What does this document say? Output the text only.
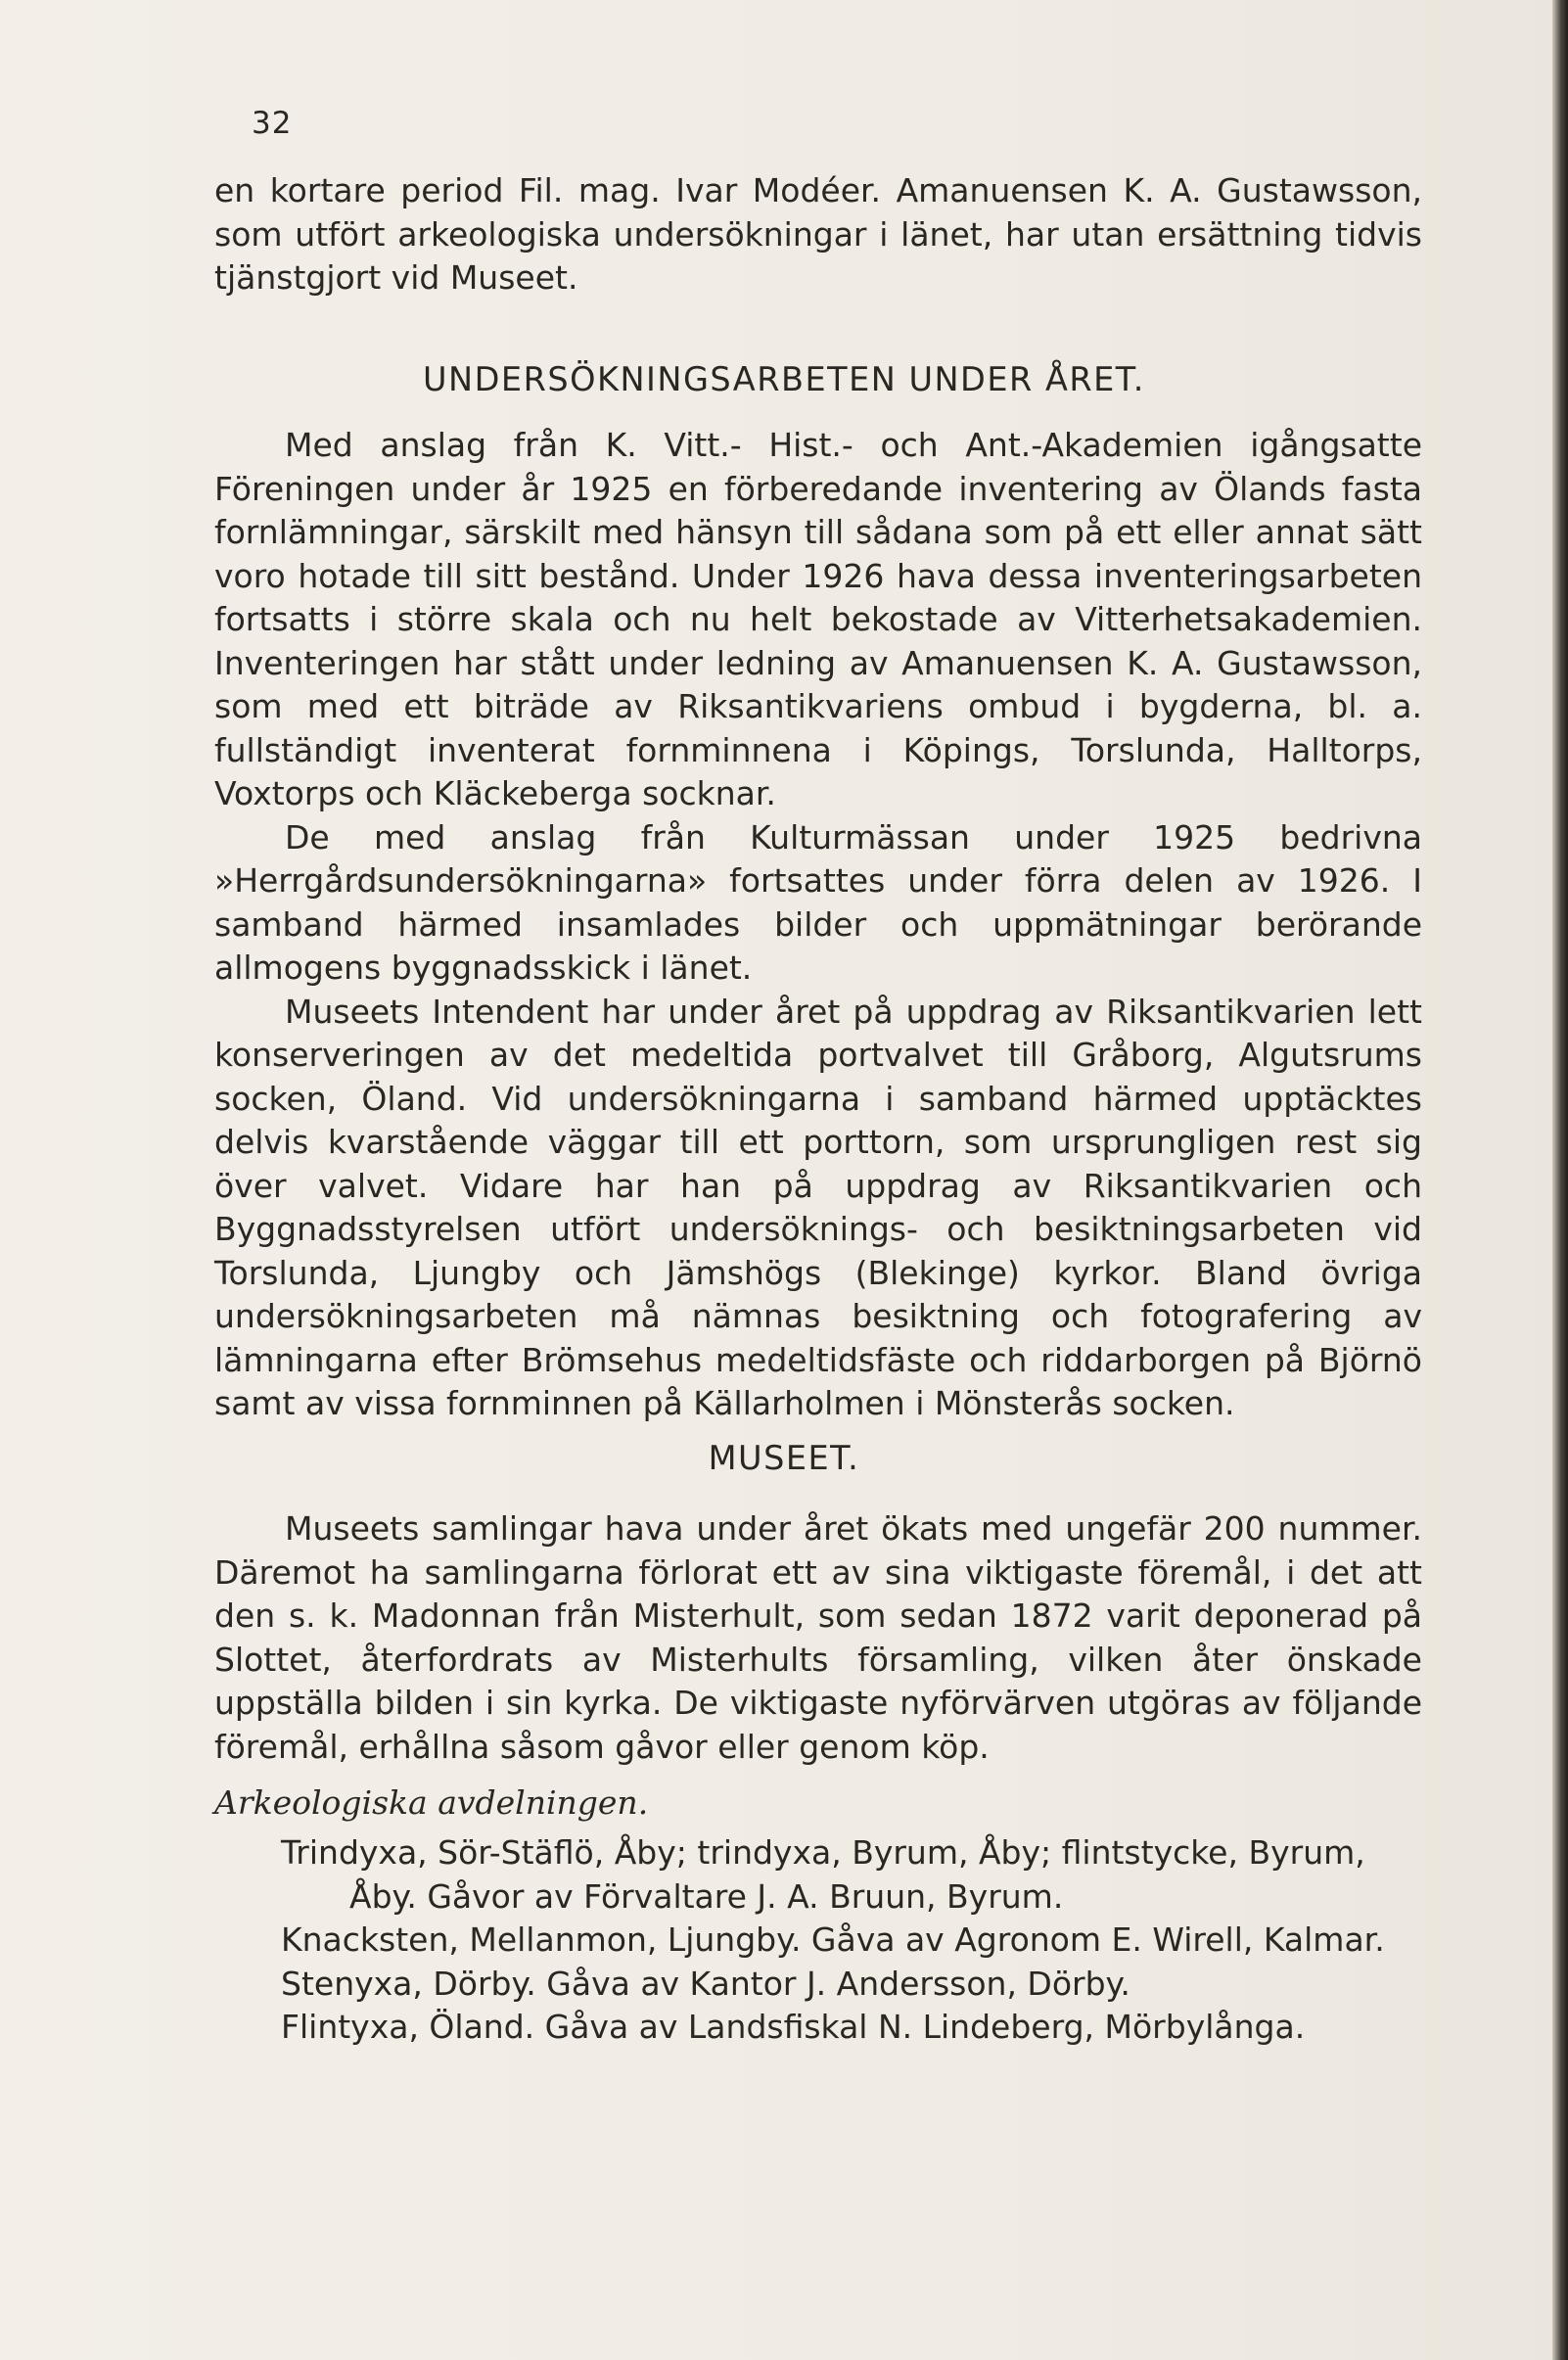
32

en kortare period Fil. mag. Ivar Modéer. Amanuensen K. A. Gustawsson, som utfört arkeologiska undersökningar i länet, har utan ersättning tidvis tjänstgjort vid Museet.

UNDERSÖKNINGSARBETEN UNDER ÅRET.

Med anslag från K. Vitt.- Hist.- och Ant.-Akademien igångsatte Föreningen under år 1925 en förberedande inventering av Ölands fasta fornlämningar, särskilt med hänsyn till sådana som på ett eller annat sätt voro hotade till sitt bestånd. Under 1926 hava dessa inventeringsarbeten fortsatts i större skala och nu helt bekostade av Vitterhetsakademien. Inventeringen har stått under ledning av Amanuensen K. A. Gustawsson, som med ett biträde av Riksantikvariens ombud i bygderna, bl. a. fullständigt inventerat fornminnena i Köpings, Torslunda, Halltorps, Voxtorps och Kläckeberga socknar.

De med anslag från Kulturmässan under 1925 bedrivna »Herrgårdsundersökningarna» fortsattes under förra delen av 1926. I samband härmed insamlades bilder och uppmätningar berörande allmogens byggnadsskick i länet.

Museets Intendent har under året på uppdrag av Riksantikvarien lett konserveringen av det medeltida portvalvet till Gråborg, Algutsrums socken, Öland. Vid undersökningarna i samband härmed upptäcktes delvis kvarstående väggar till ett porttorn, som ursprungligen rest sig över valvet. Vidare har han på uppdrag av Riksantikvarien och Byggnadsstyrelsen utfört undersöknings- och besiktningsarbeten vid Torslunda, Ljungby och Jämshögs (Blekinge) kyrkor. Bland övriga undersökningsarbeten må nämnas besiktning och fotografering av lämningarna efter Brömsehus medeltidsfäste och riddarborgen på Björnö samt av vissa fornminnen på Källarholmen i Mönsterås socken.

MUSEET.

Museets samlingar hava under året ökats med ungefär 200 nummer. Däremot ha samlingarna förlorat ett av sina viktigaste föremål, i det att den s. k. Madonnan från Misterhult, som sedan 1872 varit deponerad på Slottet, återfordrats av Misterhults församling, vilken åter önskade uppställa bilden i sin kyrka. De viktigaste nyförvärven utgöras av följande föremål, erhållna såsom gåvor eller genom köp.

Arkeologiska avdelningen.

Trindyxa, Sör-Stäflö, Åby; trindyxa, Byrum, Åby; flintstycke, Byrum, Åby. Gåvor av Förvaltare J. A. Bruun, Byrum.

Knacksten, Mellanmon, Ljungby. Gåva av Agronom E. Wirell, Kalmar.

Stenyxa, Dörby. Gåva av Kantor J. Andersson, Dörby.

Flintyxa, Öland. Gåva av Landsfiskal N. Lindeberg, Mörbylånga.
